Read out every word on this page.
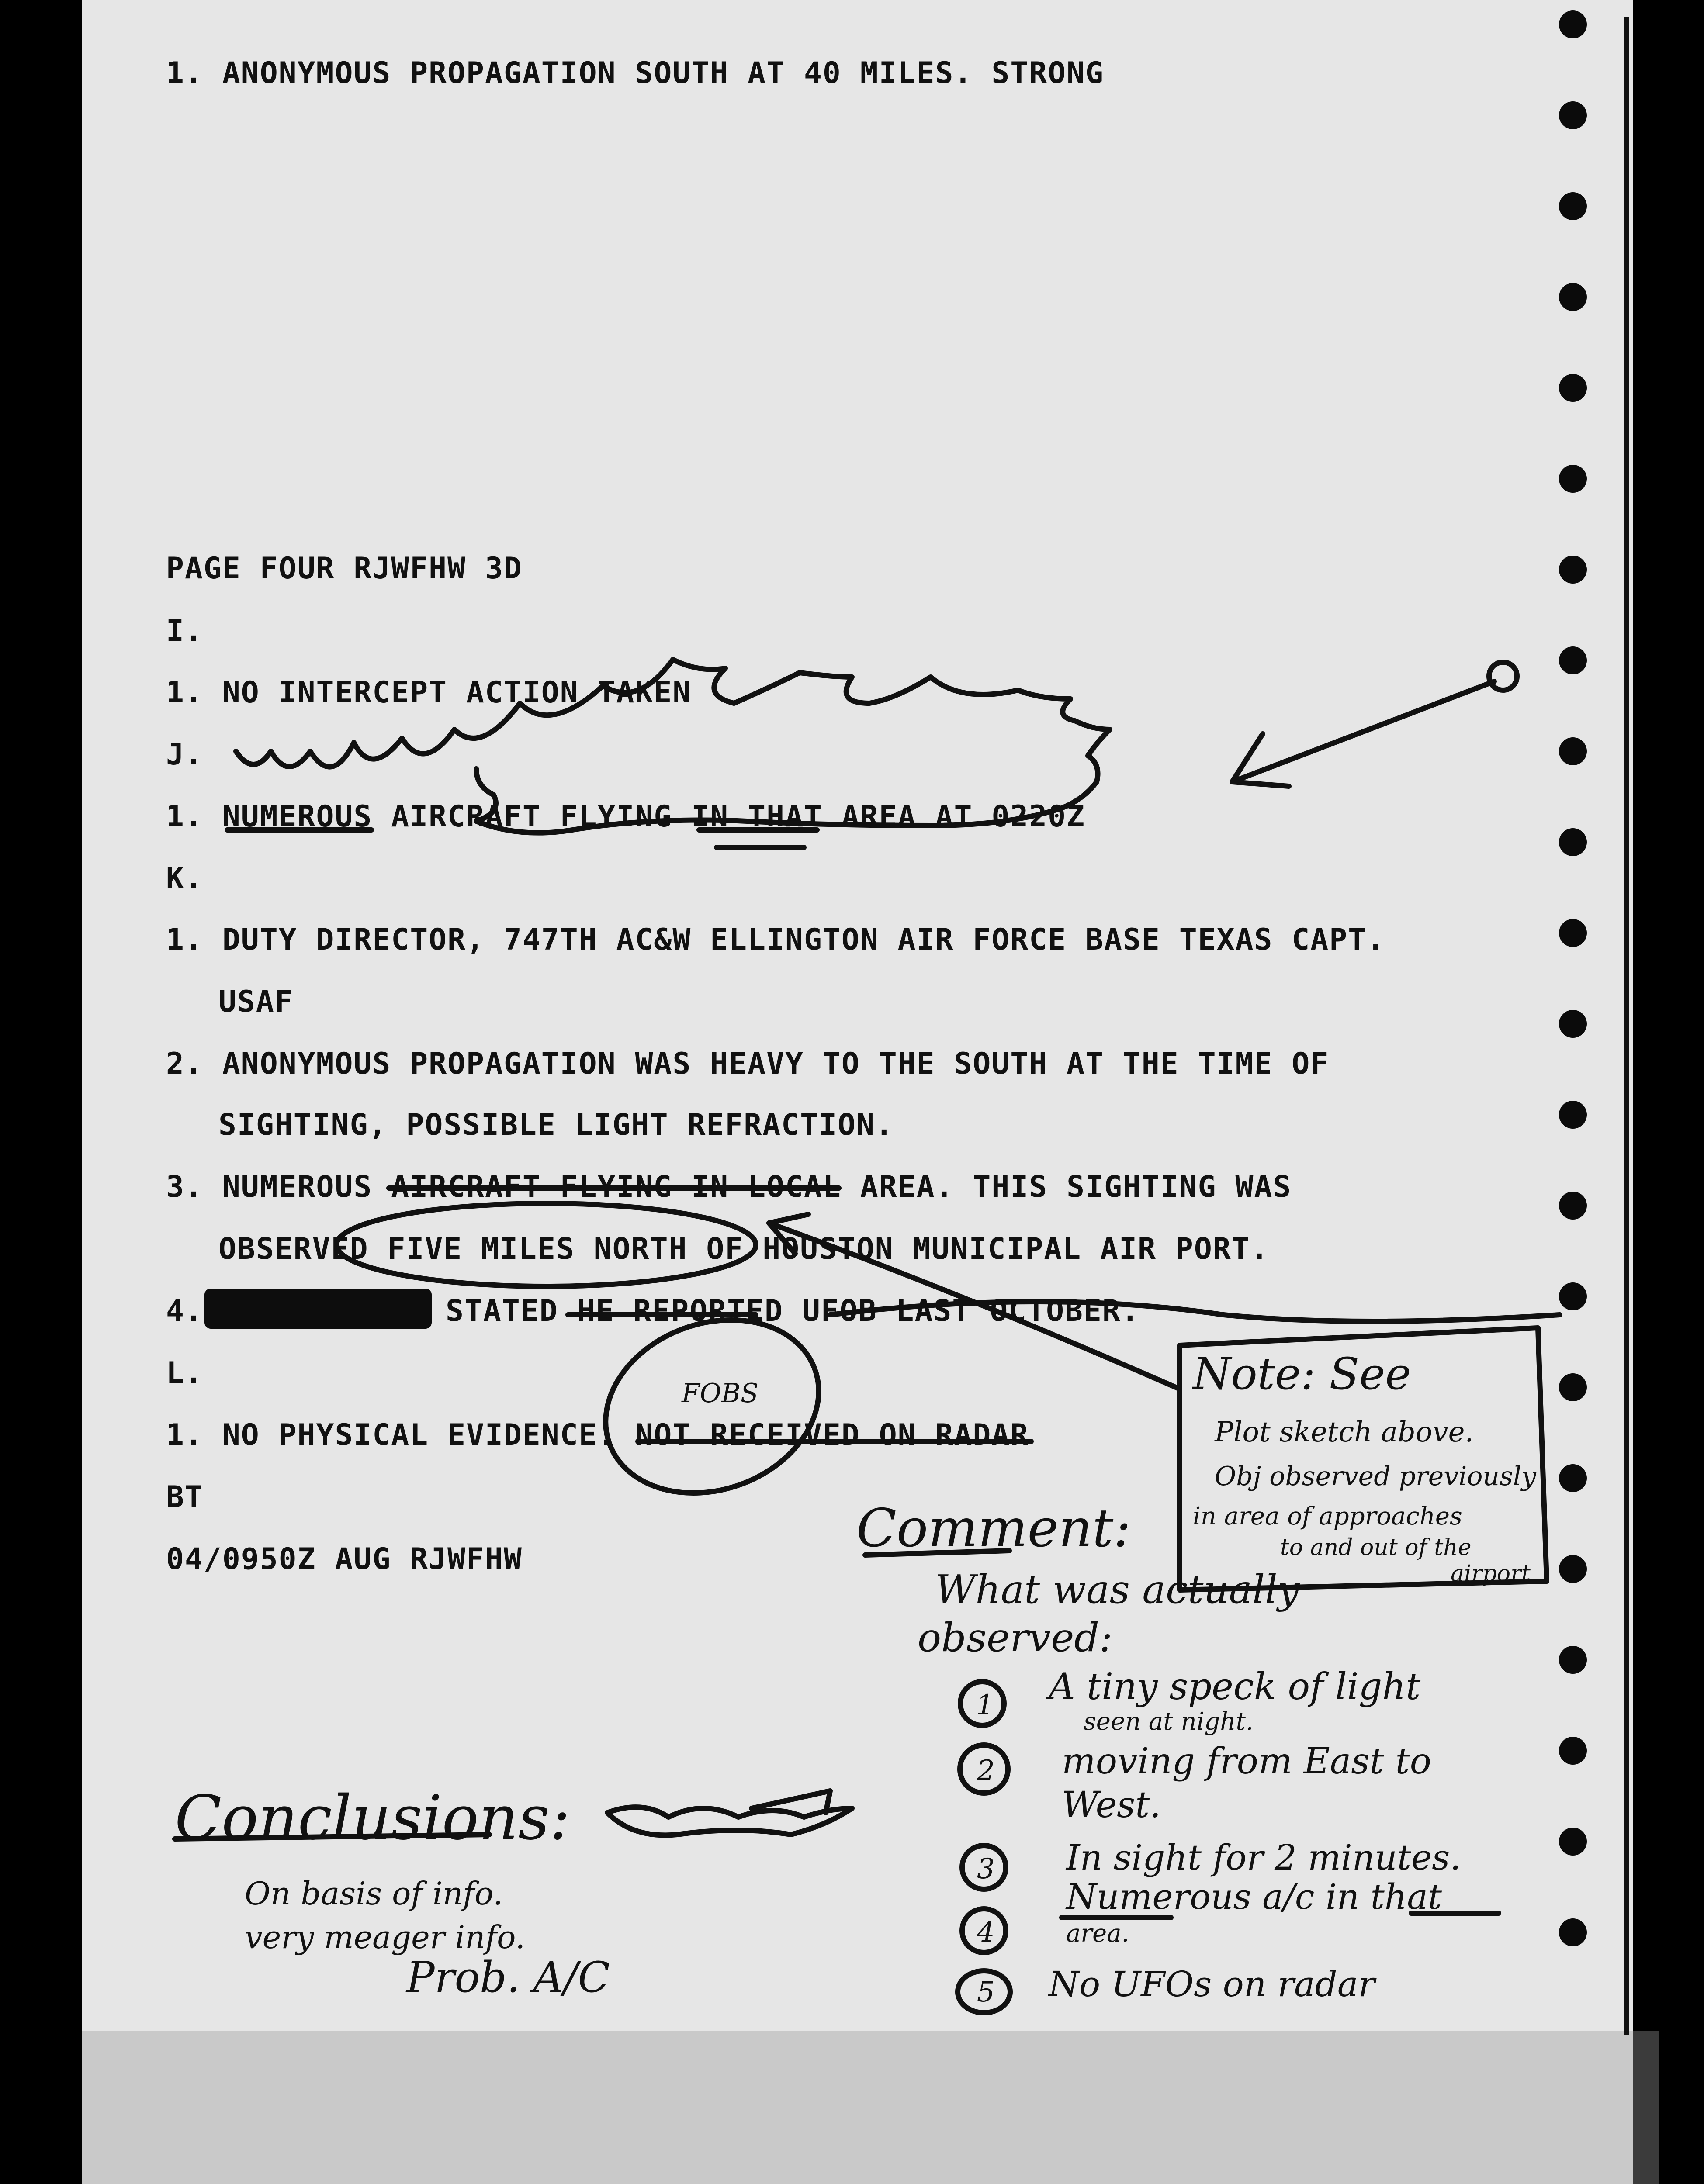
1. ANONYMOUS PROPAGATION SOUTH AT 40 MILES. STRONG
PAGE FOUR RJWFHW 3D
I.
1. NO INTERCEPT ACTION TAKEN
J.
1. NUMEROUS AIRCRAFT FLYING IN THAT AREA AT 0220Z
K.
1. DUTY DIRECTOR, 747TH AC&W ELLINGTON AIR FORCE BASE TEXAS CAPT.
USAF
2. ANONYMOUS PROPAGATION WAS HEAVY TO THE SOUTH AT THE TIME OF
SIGHTING, POSSIBLE LIGHT REFRACTION.
3. NUMEROUS AIRCRAFT FLYING IN LOCAL AREA. THIS SIGHTING WAS
OBSERVED FIVE MILES NORTH OF HOUSTON MUNICIPAL AIR PORT.
4.	STATED HE REPORTED UFOB LAST OCTOBER.
L.
1. NO PHYSICAL EVIDENCE. NOT RECEIVED ON RADAR
BT
04/0950Z AUG RJWFHW
FOBS	Note: See
Plot sketch above.
Obj observed previously
in area of approaches
to and out of the
airport
Comment:
What was actually
observed:
1 A tiny speck of light
seen at night.
2 moving from East to
West.
3 In sight for 2 minutes.
4
Numerous a/c in that
area.
5 No UFOs on radar
Conclusions:
On basis of info.
very meager info.
Prob. A/C
